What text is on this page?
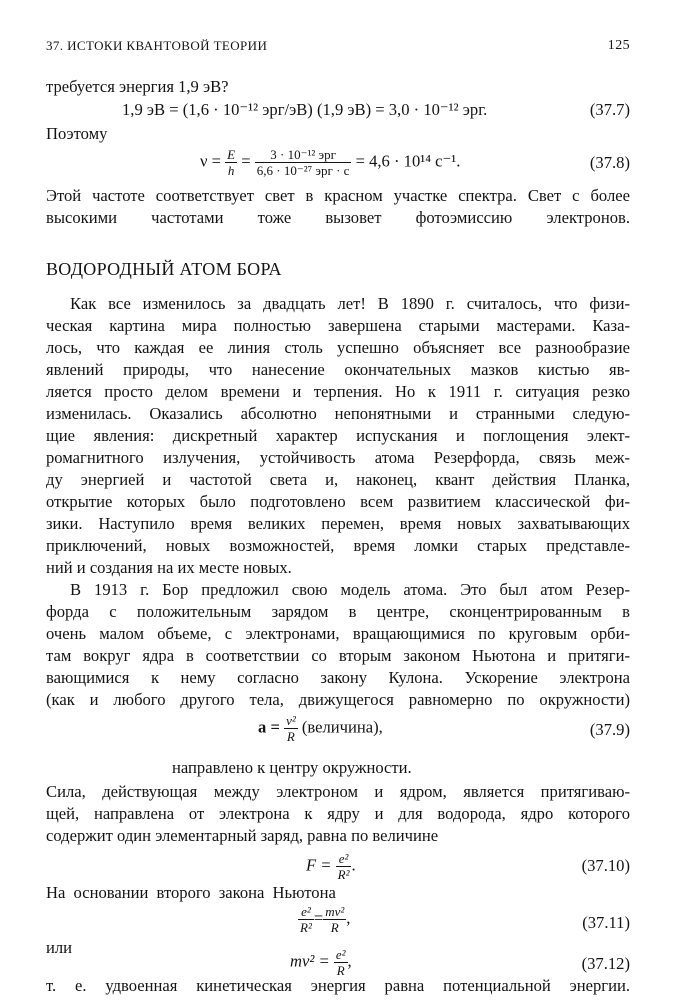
37. ИСТОКИ КВАНТОВОЙ ТЕОРИИ	125
требуется энергия 1,9 эВ?
1,9 эВ = (1,6 · 10⁻¹² эрг/эВ) (1,9 эВ) = 3,0 · 10⁻¹² эрг.	(37.7)
Поэтому
$\nu = \frac{E}{h} = \frac{\text{3 · 10⁻¹² эрг}}{\text{6,6 · 10⁻²⁷ эрг · с}} = 4,6 \cdot 10^{14}$ с⁻¹.	(37.8)
Этой частоте соответствует свет в красном участке спектра. Свет с более
высокими частотами тоже вызовет фотоэмиссию электронов.
ВОДОРОДНЫЙ АТОМ БОРА
Как все изменилось за двадцать лет! В 1890 г. считалось, что физи-
ческая картина мира полностью завершена старыми мастерами. Каза-
лось, что каждая ее линия столь успешно объясняет все разнообразие
явлений природы, что нанесение окончательных мазков кистью яв-
ляется просто делом времени и терпения. Но к 1911 г. ситуация резко
изменилась. Оказались абсолютно непонятными и странными следую-
щие явления: дискретный характер испускания и поглощения элект-
ромагнитного излучения, устойчивость атома Резерфорда, связь меж-
ду энергией и частотой света и, наконец, квант действия Планка,
открытие которых было подготовлено всем развитием классической фи-
зики. Наступило время великих перемен, время новых захватывающих
приключений, новых возможностей, время ломки старых представле-
ний и создания на их месте новых.
В 1913 г. Бор предложил свою модель атома. Это был атом Резер-
форда с положительным зарядом в центре, сконцентрированным в
очень малом объеме, с электронами, вращающимися по круговым орби-
там вокруг ядра в соответствии со вторым законом Ньютона и притяги-
вающимися к нему согласно закону Кулона. Ускорение электрона
(как и любого другого тела, движущегося равномерно по окружности)
$a = \frac{\text{v²}}{R}$ (величина),	(37.9)
направлено к центру окружности.
Сила, действующая между электроном и ядром, является притягиваю-
щей, направлена от электрона к ядру и для водорода, ядро которого
содержит один элементарный заряд, равна по величине
$F = \frac{\text{e²}}{\text{R²}}$ .	(37.10)
На основании второго закона Ньютона
$\frac{\text{e²}}{\text{R²}} = \frac{\text{mv²}}{R}$ ,	(37.11)
или
$mv^2 = \frac{\text{e²}}{R}$ ,	(37.12)
т. е. удвоенная кинетическая энергия равна потенциальной энергии.
